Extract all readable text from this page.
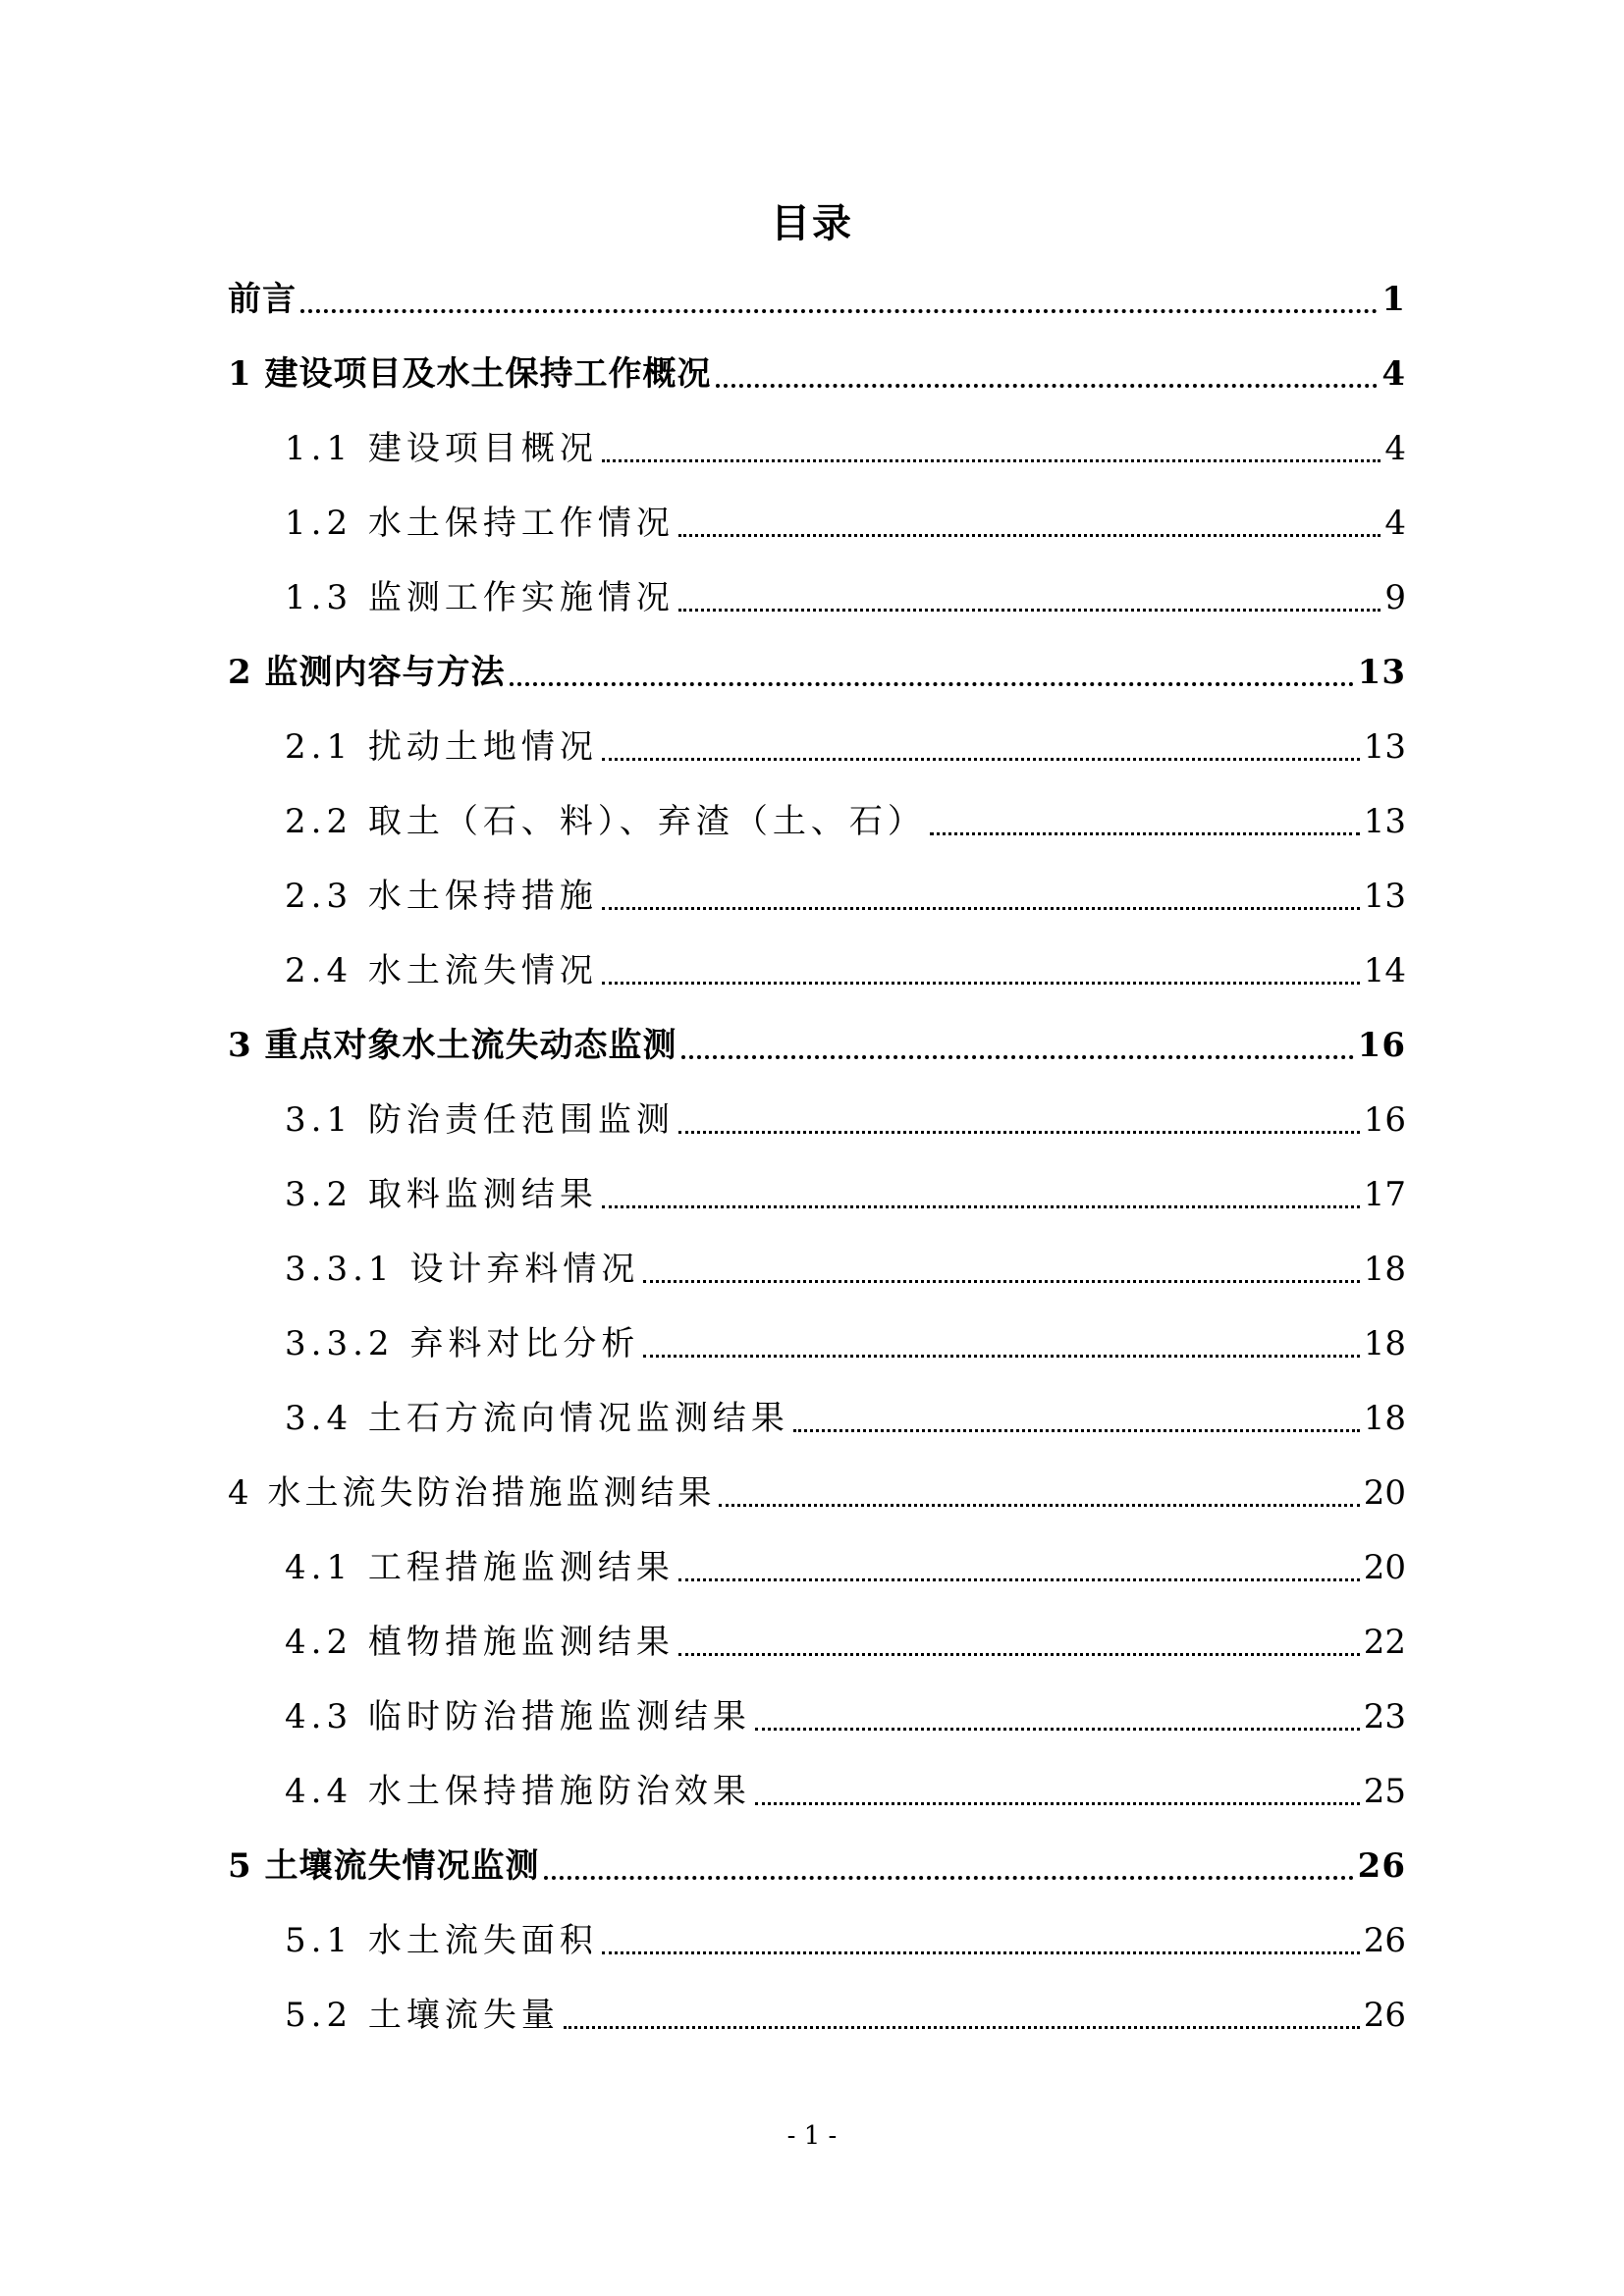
目录
前言	1
1 建设项目及水土保持工作概况	4
1.1 建设项目概况	4
1.2 水土保持工作情况	4
1.3 监测工作实施情况	9
2 监测内容与方法	13
2.1 扰动土地情况	13
2.2 取土（石、料）、弃渣（土、石）	13
2.3 水土保持措施	13
2.4 水土流失情况	14
3 重点对象水土流失动态监测	16
3.1 防治责任范围监测	16
3.2 取料监测结果	17
3.3.1 设计弃料情况	18
3.3.2 弃料对比分析	18
3.4 土石方流向情况监测结果	18
4 水土流失防治措施监测结果	20
4.1 工程措施监测结果	20
4.2 植物措施监测结果	22
4.3 临时防治措施监测结果	23
4.4 水土保持措施防治效果	25
5 土壤流失情况监测	26
5.1 水土流失面积	26
5.2 土壤流失量	26
- 1 -
